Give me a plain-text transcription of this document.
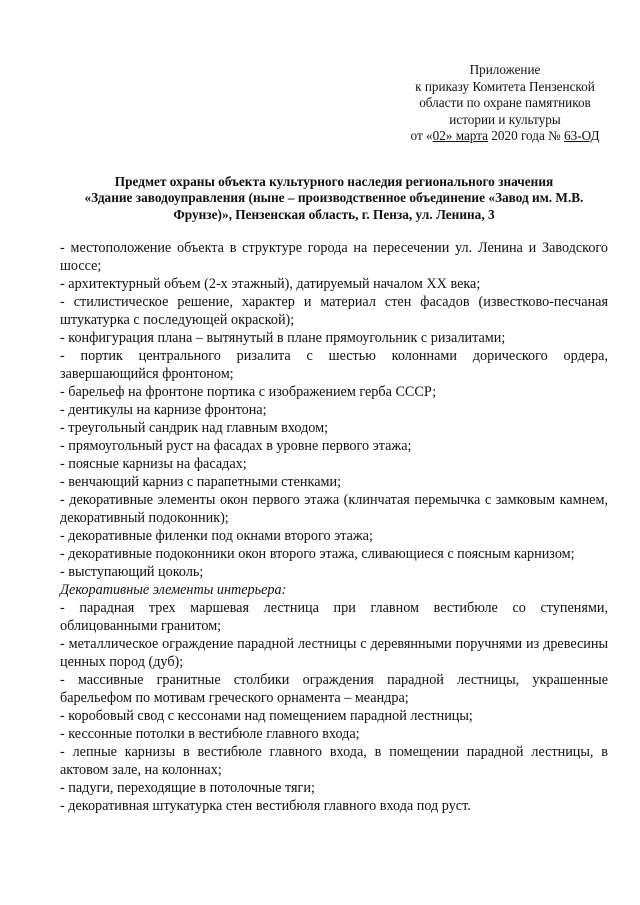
Приложение
к приказу Комитета Пензенской
области по охране памятников
истории и культуры
от «02» марта 2020 года № 63-ОД
Предмет охраны объекта культурного наследия регионального значения
«Здание заводоуправления (ныне – производственное объединение «Завод им. М.В.
Фрунзе)», Пензенская область, г. Пенза, ул. Ленина, 3

- местоположение объекта в структуре города на пересечении ул. Ленина и Заводского шоссе;

- архитектурный объем (2-х этажный), датируемый началом XX века;

- стилистическое решение, характер и материал стен фасадов (известково-песчаная штукатурка с последующей окраской);

- конфигурация плана – вытянутый в плане прямоугольник с ризалитами;

- портик центрального ризалита с шестью колоннами дорического ордера, завершающийся фронтоном;

- барельеф на фронтоне портика с изображением герба СССР;

- дентикулы на карнизе фронтона;

- треугольный сандрик над главным входом;

- прямоугольный руст на фасадах в уровне первого этажа;

- поясные карнизы на фасадах;

- венчающий карниз с парапетными стенками;

- декоративные элементы окон первого этажа (клинчатая перемычка с замковым камнем, декоративный подоконник);

- декоративные филенки под окнами второго этажа;

- декоративные подоконники окон второго этажа, сливающиеся с поясным карнизом;

- выступающий цоколь;

Декоративные элементы интерьера:

- парадная трех маршевая лестница при главном вестибюле со ступенями, облицованными гранитом;

- металлическое ограждение парадной лестницы с деревянными поручнями из древесины ценных пород (дуб);

- массивные гранитные столбики ограждения парадной лестницы, украшенные барельефом по мотивам греческого орнамента – меандра;

- коробовый свод с кессонами над помещением парадной лестницы;

- кессонные потолки в вестибюле главного входа;

- лепные карнизы в вестибюле главного входа, в помещении парадной лестницы, в актовом зале, на колоннах;

- падуги, переходящие в потолочные тяги;

- декоративная штукатурка стен вестибюля главного входа под руст.
